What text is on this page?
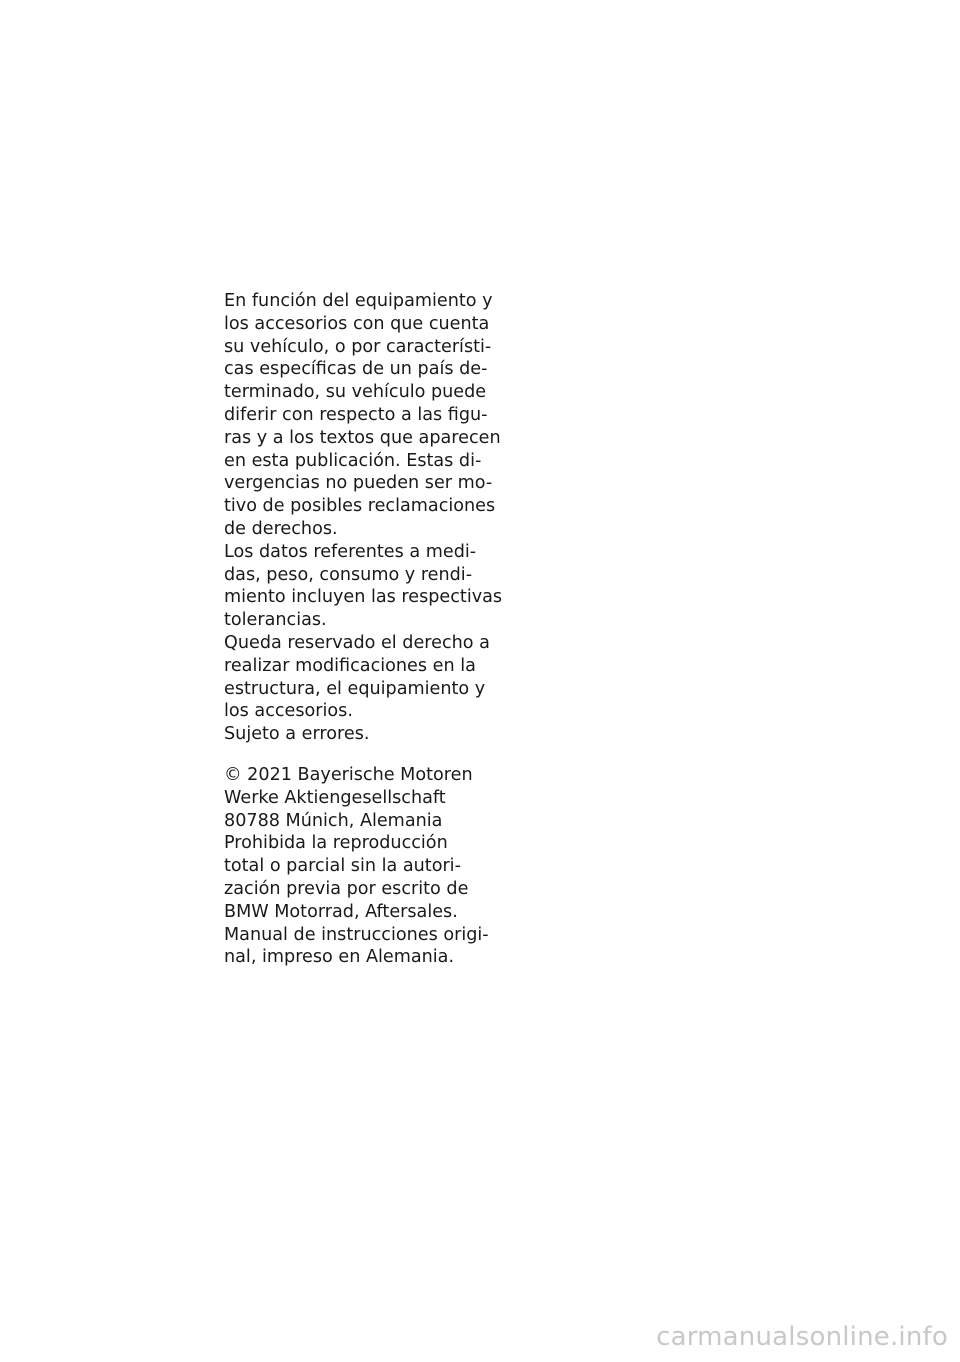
En función del equipamiento y
los accesorios con que cuenta
su vehículo, o por característi-
cas específicas de un país de-
terminado, su vehículo puede
diferir con respecto a las figu-
ras y a los textos que aparecen
en esta publicación. Estas di-
vergencias no pueden ser mo-
tivo de posibles reclamaciones
de derechos.
Los datos referentes a medi-
das, peso, consumo y rendi-
miento incluyen las respectivas
tolerancias.
Queda reservado el derecho a
realizar modificaciones en la
estructura, el equipamiento y
los accesorios.
Sujeto a errores.
© 2021 Bayerische Motoren
Werke Aktiengesellschaft
80788 Múnich, Alemania
Prohibida la reproducción
total o parcial sin la autori-
zación previa por escrito de
BMW Motorrad, Aftersales.
Manual de instrucciones origi-
nal, impreso en Alemania.
carmanualsonline.info
